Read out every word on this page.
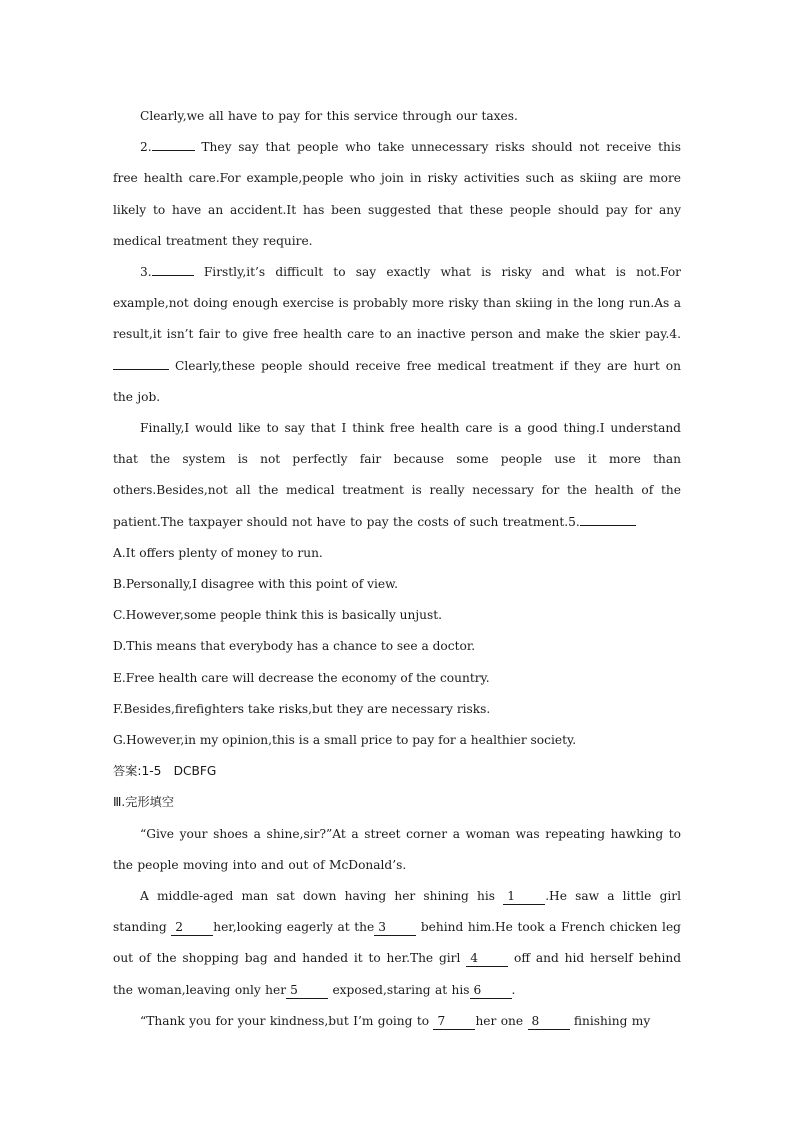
Clearly,we all have to pay for this service through our taxes.

2.	They say that people who take unnecessary risks should not receive this free health care.For example,people who join in risky activities such as skiing are more likely to have an accident.It has been suggested that these people should pay for any medical treatment they require.

3.	Firstly,it’s difficult to say exactly what is risky and what is not.For example,not doing enough exercise is probably more risky than skiing in the long run.As a result,it isn’t fair to give free health care to an inactive person and make the skier pay.4. Clearly,these people should receive free medical treatment if they are hurt on the job.

Finally,I would like to say that I think free health care is a good thing.I understand that the system is not perfectly fair because some people use it more than others.Besides,not all the medical treatment is really necessary for the health of the patient.The taxpayer should not have to pay the costs of such treatment.5.

A.It offers plenty of money to run.

B.Personally,I disagree with this point of view.

C.However,some people think this is basically unjust.

D.This means that everybody has a chance to see a doctor.

E.Free health care will decrease the economy of the country.

F.Besides,firefighters take risks,but they are necessary risks.

G.However,in my opinion,this is a small price to pay for a healthier society.

答案:1-5　DCBFG

Ⅲ.完形填空

“Give your shoes a shine,sir?”At a street corner a woman was repeating hawking to the people moving into and out of McDonald’s.

A middle-aged man sat down having her shining his 1 .He saw a little girl standing 2 her,looking eagerly at the 3 behind him.He took a French chicken leg out of the shopping bag and handed it to her.The girl 4 off and hid herself behind the woman,leaving only her 5 exposed,staring at his 6 .

“Thank you for your kindness,but I’m going to 7 her one 8 finishing my
